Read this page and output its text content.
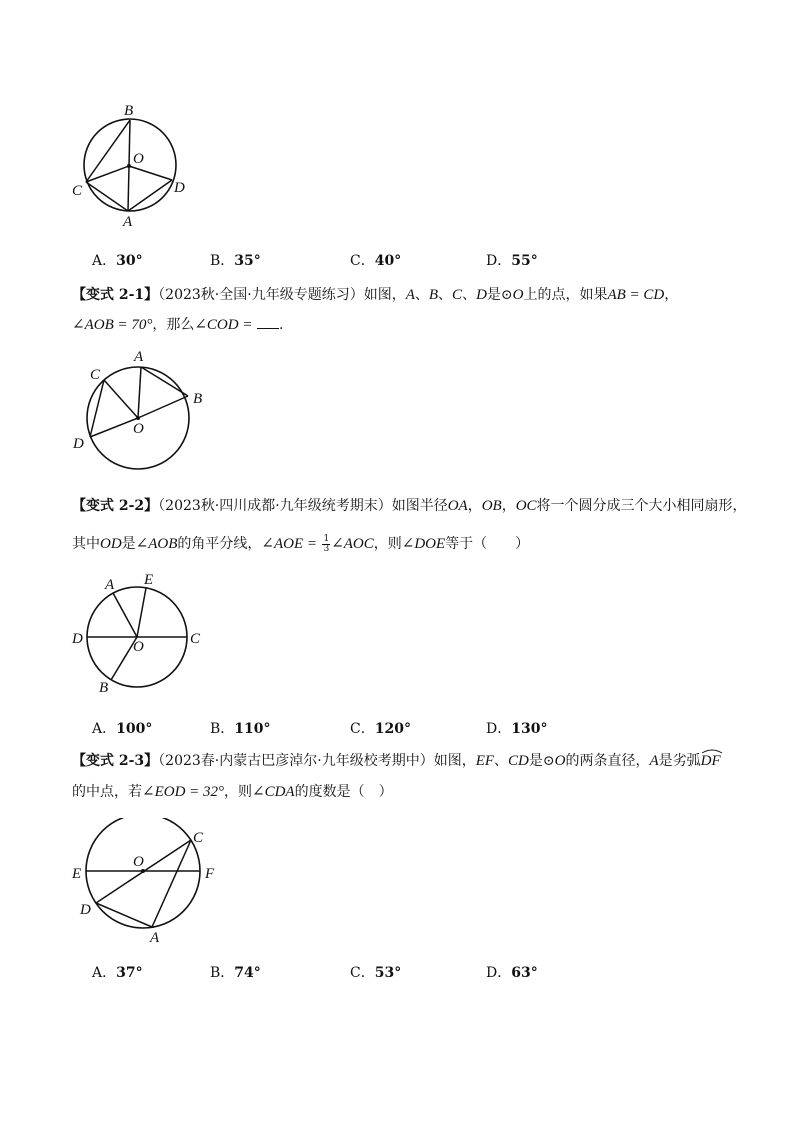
B
O
C	D
A
A．30°	B．35°	C．40°	D．55°
【变式 2-1】（2023秋·全国·九年级专题练习）如图，A、B、C、D是⊙O上的点，如果AB = CD，
∠AOB = 70°，那么∠COD = .
A
C
B
O
D
【变式 2-2】（2023秋·四川成都·九年级统考期末）如图半径OA，OB，OC将一个圆分成三个大小相同扇形，
其中OD是∠AOB的角平分线，∠AOE = $\frac{1}{3}$ ∠AOC，则∠DOE等于（　　）
A E
D	O	C
B
A．100°	B．110°	C．120°	D．130°
【变式 2-3】（2023春·内蒙古巴彦淖尔·九年级校考期中）如图，EF、CD是⊙O的两条直径，A是劣弧
DF
的中点，若∠EOD = 32°，则∠CDA的度数是（　）
C
O
E	F
D
A
A．37°	B．74°	C．53°	D．63°
